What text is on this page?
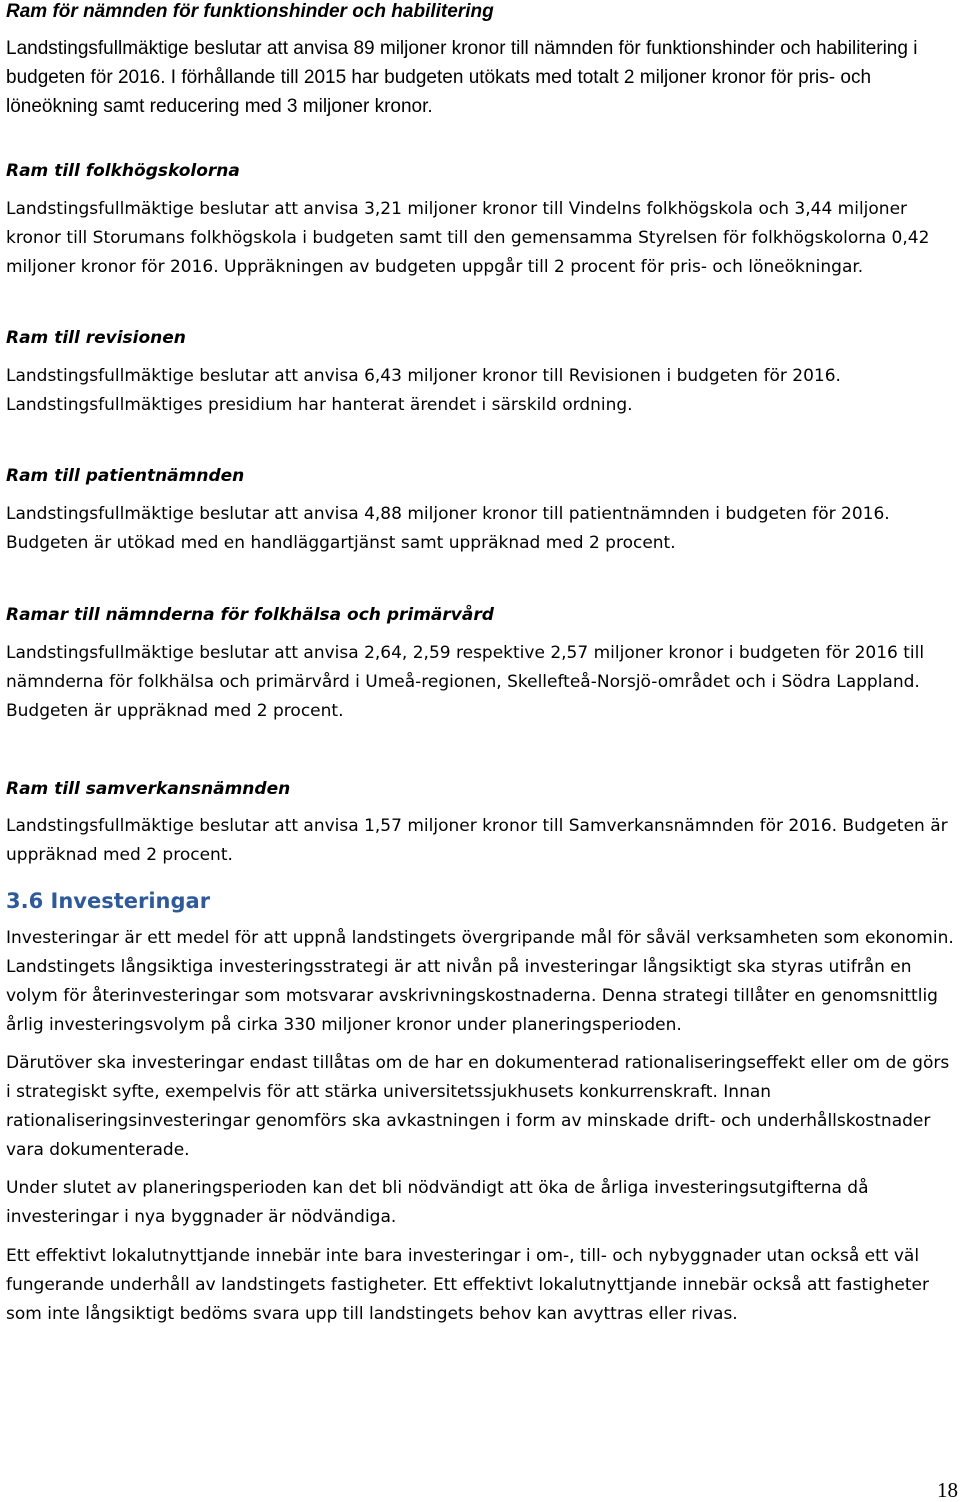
Ram för nämnden för funktionshinder och habilitering

Landstingsfullmäktige beslutar att anvisa 89 miljoner kronor till nämnden för funktionshinder och habilitering i budgeten för 2016. I förhållande till 2015 har budgeten utökats med totalt 2 miljoner kronor för pris- och löneökning samt reducering med 3 miljoner kronor.

Ram till folkhögskolorna

Landstingsfullmäktige beslutar att anvisa 3,21 miljoner kronor till Vindelns folkhögskola och 3,44 miljoner kronor till Storumans folkhögskola i budgeten samt till den gemensamma Styrelsen för folkhögskolorna 0,42 miljoner kronor för 2016. Uppräkningen av budgeten uppgår till 2 procent för pris- och löneökningar.

Ram till revisionen

Landstingsfullmäktige beslutar att anvisa 6,43 miljoner kronor till Revisionen i budgeten för 2016. Landstingsfullmäktiges presidium har hanterat ärendet i särskild ordning.

Ram till patientnämnden

Landstingsfullmäktige beslutar att anvisa 4,88 miljoner kronor till patientnämnden i budgeten för 2016. Budgeten är utökad med en handläggartjänst samt uppräknad med 2 procent.

Ramar till nämnderna för folkhälsa och primärvård

Landstingsfullmäktige beslutar att anvisa 2,64, 2,59 respektive 2,57 miljoner kronor i budgeten för 2016 till nämnderna för folkhälsa och primärvård i Umeå-regionen, Skellefteå-Norsjö-området och i Södra Lappland. Budgeten är uppräknad med 2 procent.

Ram till samverkansnämnden

Landstingsfullmäktige beslutar att anvisa 1,57 miljoner kronor till Samverkansnämnden för 2016. Budgeten är uppräknad med 2 procent.

3.6 Investeringar

Investeringar är ett medel för att uppnå landstingets övergripande mål för såväl verksamheten som ekonomin. Landstingets långsiktiga investeringsstrategi är att nivån på investeringar långsiktigt ska styras utifrån en volym för återinvesteringar som motsvarar avskrivningskostnaderna. Denna strategi tillåter en genomsnittlig årlig investeringsvolym på cirka 330 miljoner kronor under planeringsperioden.

Därutöver ska investeringar endast tillåtas om de har en dokumenterad rationaliseringseffekt eller om de görs i strategiskt syfte, exempelvis för att stärka universitetssjukhusets konkurrenskraft. Innan rationaliseringsinvesteringar genomförs ska avkastningen i form av minskade drift- och underhållskostnader vara dokumenterade.

Under slutet av planeringsperioden kan det bli nödvändigt att öka de årliga investeringsutgifterna då investeringar i nya byggnader är nödvändiga.

Ett effektivt lokalutnyttjande innebär inte bara investeringar i om-, till- och nybyggnader utan också ett väl fungerande underhåll av landstingets fastigheter. Ett effektivt lokalutnyttjande innebär också att fastigheter som inte långsiktigt bedöms svara upp till landstingets behov kan avyttras eller rivas.

18
